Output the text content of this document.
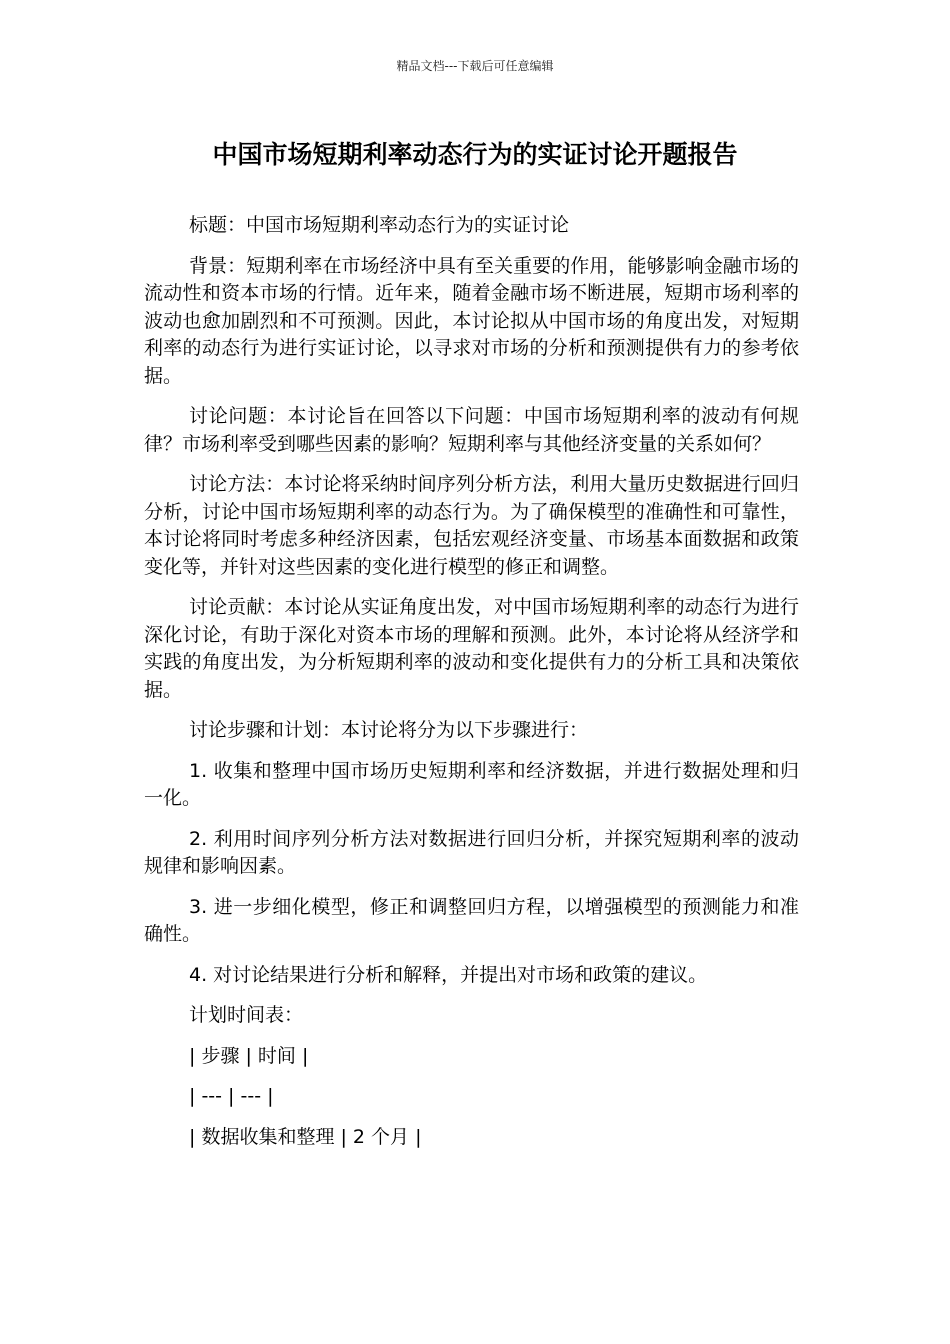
精品文档---下载后可任意编辑
中国市场短期利率动态行为的实证讨论开题报告

标题：中国市场短期利率动态行为的实证讨论

背景：短期利率在市场经济中具有至关重要的作用，能够影响金融市场的流动性和资本市场的行情。近年来，随着金融市场不断进展，短期市场利率的波动也愈加剧烈和不可预测。因此，本讨论拟从中国市场的角度出发，对短期利率的动态行为进行实证讨论，以寻求对市场的分析和预测提供有力的参考依据。

讨论问题：本讨论旨在回答以下问题：中国市场短期利率的波动有何规律？市场利率受到哪些因素的影响？短期利率与其他经济变量的关系如何？

讨论方法：本讨论将采纳时间序列分析方法，利用大量历史数据进行回归分析，讨论中国市场短期利率的动态行为。为了确保模型的准确性和可靠性，本讨论将同时考虑多种经济因素，包括宏观经济变量、市场基本面数据和政策变化等，并针对这些因素的变化进行模型的修正和调整。

讨论贡献：本讨论从实证角度出发，对中国市场短期利率的动态行为进行深化讨论，有助于深化对资本市场的理解和预测。此外，本讨论将从经济学和实践的角度出发，为分析短期利率的波动和变化提供有力的分析工具和决策依据。

讨论步骤和计划：本讨论将分为以下步骤进行：

1. 收集和整理中国市场历史短期利率和经济数据，并进行数据处理和归一化。

2. 利用时间序列分析方法对数据进行回归分析，并探究短期利率的波动规律和影响因素。

3. 进一步细化模型，修正和调整回归方程，以增强模型的预测能力和准确性。

4. 对讨论结果进行分析和解释，并提出对市场和政策的建议。

计划时间表：

| 步骤 | 时间 |

| --- | --- |

| 数据收集和整理 | 2 个月 |
